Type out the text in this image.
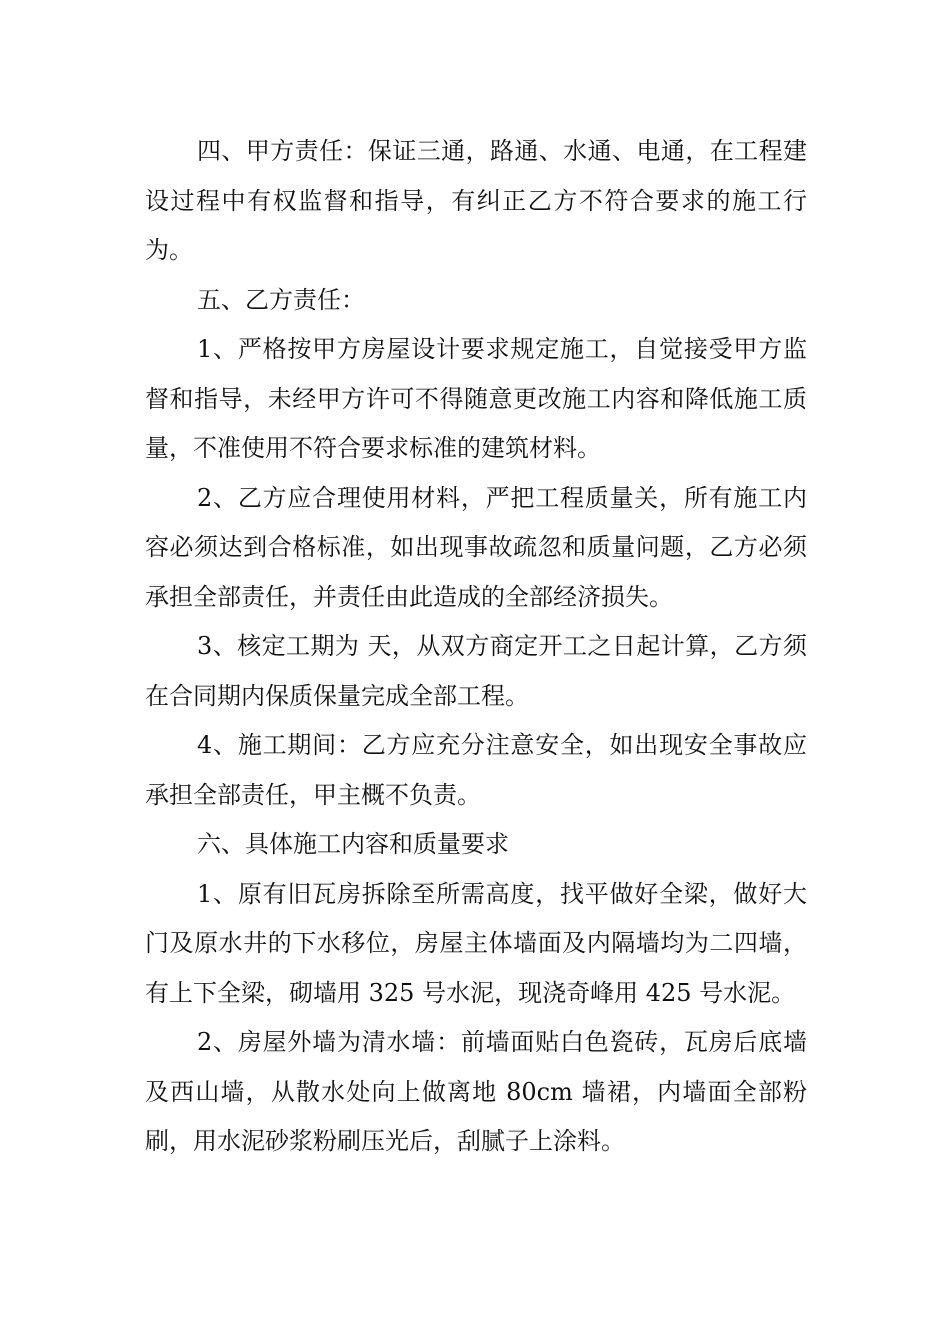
四、甲方责任：保证三通，路通、水通、电通，在工程建设过程中有权监督和指导，有纠正乙方不符合要求的施工行为。

五、乙方责任：

1、严格按甲方房屋设计要求规定施工，自觉接受甲方监督和指导，未经甲方许可不得随意更改施工内容和降低施工质量，不准使用不符合要求标准的建筑材料。

2、乙方应合理使用材料，严把工程质量关，所有施工内容必须达到合格标准，如出现事故疏忽和质量问题，乙方必须承担全部责任，并责任由此造成的全部经济损失。

3、核定工期为 天，从双方商定开工之日起计算，乙方须在合同期内保质保量完成全部工程。

4、施工期间：乙方应充分注意安全，如出现安全事故应承担全部责任，甲主概不负责。

六、具体施工内容和质量要求

1、原有旧瓦房拆除至所需高度，找平做好全梁，做好大门及原水井的下水移位，房屋主体墙面及内隔墙均为二四墙，有上下全梁，砌墙用 325 号水泥，现浇奇峰用 425 号水泥。

2、房屋外墙为清水墙：前墙面贴白色瓷砖，瓦房后底墙及西山墙，从散水处向上做离地 80cm 墙裙，内墙面全部粉刷，用水泥砂浆粉刷压光后，刮腻子上涂料。
